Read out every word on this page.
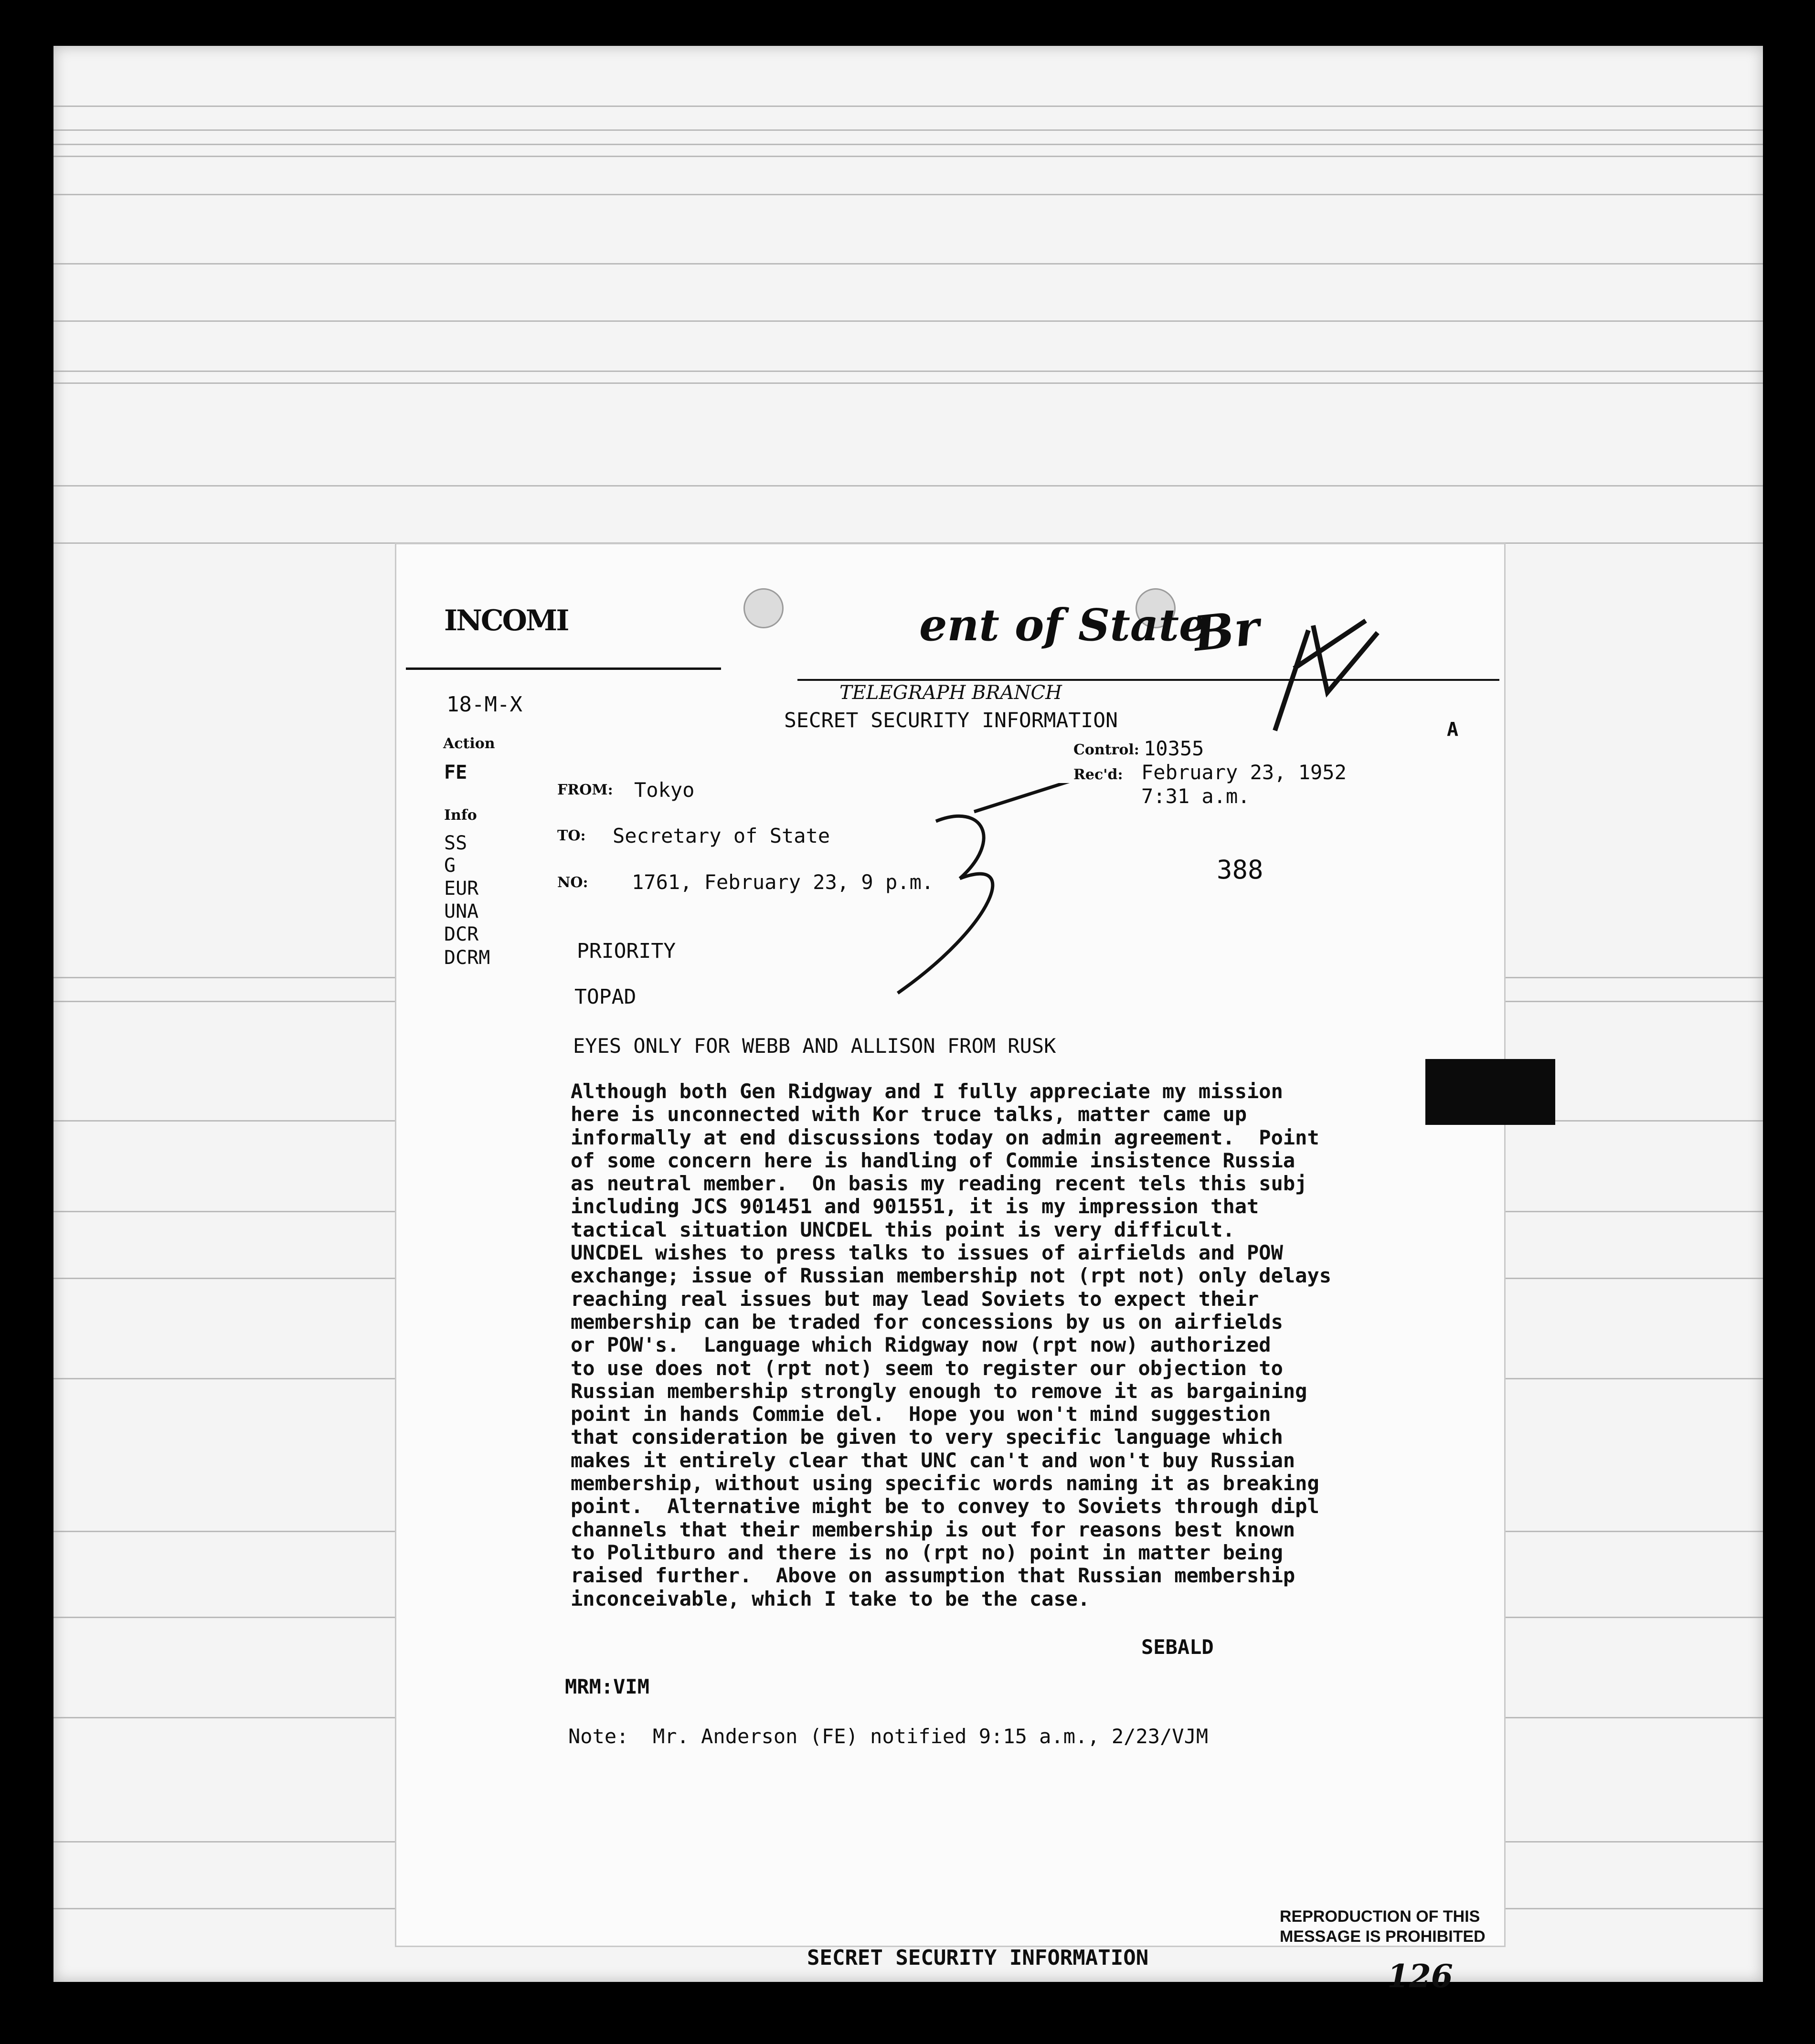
INCOMI	ent of State
Br
TELEGRAPH BRANCH
SECRET SECURITY INFORMATION	A
18-M-X
Action
FE
Info
SS
G
EUR
UNA
DCR
DCRM
Control: 10355
Rec'd: February 23, 1952
7:31 a.m.
FROM: Tokyo
TO: Secretary of State
NO: 1761, February 23, 9 p.m.	388
PRIORITY
TOPAD
EYES ONLY FOR WEBB AND ALLISON FROM RUSK
Although both Gen Ridgway and I fully appreciate my mission
here is unconnected with Kor truce talks, matter came up
informally at end discussions today on admin agreement.  Point
of some concern here is handling of Commie insistence Russia
as neutral member.  On basis my reading recent tels this subj
including JCS 901451 and 901551, it is my impression that
tactical situation UNCDEL this point is very difficult.
UNCDEL wishes to press talks to issues of airfields and POW
exchange; issue of Russian membership not (rpt not) only delays
reaching real issues but may lead Soviets to expect their
membership can be traded for concessions by us on airfields
or POW's.  Language which Ridgway now (rpt now) authorized
to use does not (rpt not) seem to register our objection to
Russian membership strongly enough to remove it as bargaining
point in hands Commie del.  Hope you won't mind suggestion
that consideration be given to very specific language which
makes it entirely clear that UNC can't and won't buy Russian
membership, without using specific words naming it as breaking
point.  Alternative might be to convey to Soviets through dipl
channels that their membership is out for reasons best known
to Politburo and there is no (rpt no) point in matter being
raised further.  Above on assumption that Russian membership
inconceivable, which I take to be the case.
SEBALD
MRM:VIM
Note:  Mr. Anderson (FE) notified 9:15 a.m., 2/23/VJM
SECRET SECURITY INFORMATION
REPRODUCTION OF THIS
MESSAGE IS PROHIBITED
126
